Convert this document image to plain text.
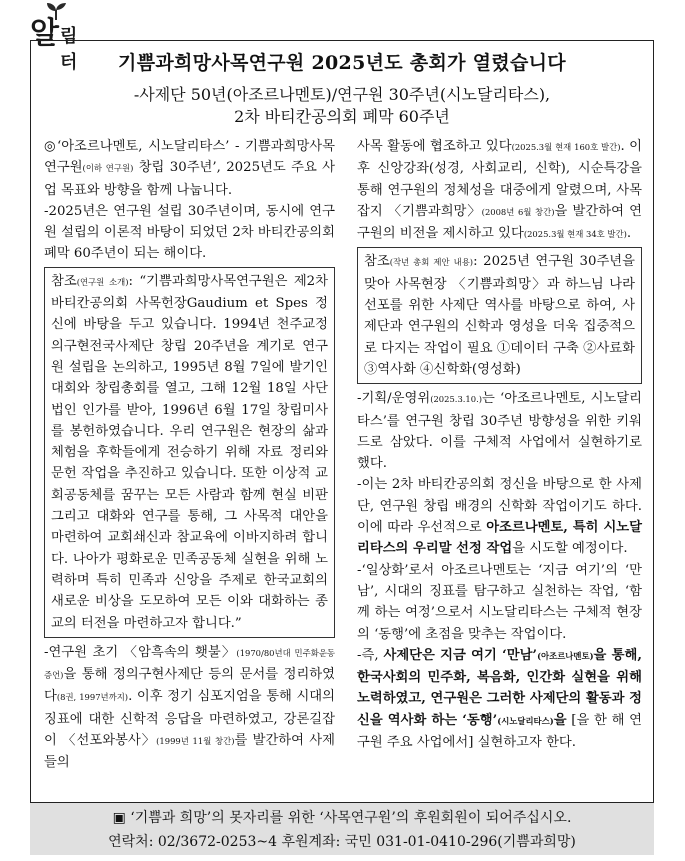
알 림터	기쁨과희망사목연구원 2025년도 총회가 열렸습니다
-사제단 50년(아조르나멘토)/연구원 30주년(시노달리타스),
2차 바티칸공의회 폐막 60주년

◎‘아조르나멘토, 시노달리타스’ - 기쁨과희망사목연구원(이하 연구원) 창립 30주년’, 2025년도 주요 사업 목표와 방향을 함께 나눕니다.

-2025년은 연구원 설립 30주년이며, 동시에 연구원 설립의 이론적 바탕이 되었던 2차 바티칸공의회 폐막 60주년이 되는 해이다.

참조(연구원 소개): “기쁨과희망사목연구원은 제2차 바티칸공의회 사목헌장Gaudium et Spes 정신에 바탕을 두고 있습니다. 1994년 천주교정의구현전국사제단 창립 20주년을 계기로 연구원 설립을 논의하고, 1995년 8월 7일에 발기인대회와 창립총회를 열고, 그해 12월 18일 사단법인 인가를 받아, 1996년 6월 17일 창립미사를 봉헌하였습니다. 우리 연구원은 현장의 삶과 체험을 후학들에게 전승하기 위해 자료 정리와 문헌 작업을 추진하고 있습니다. 또한 이상적 교회공동체를 꿈꾸는 모든 사람과 함께 현실 비판 그리고 대화와 연구를 통해, 그 사목적 대안을 마련하여 교회쇄신과 참교육에 이바지하려 합니다. 나아가 평화로운 민족공동체 실현을 위해 노력하며 특히 민족과 신앙을 주제로 한국교회의 새로운 비상을 도모하여 모든 이와 대화하는 종교의 터전을 마련하고자 합니다.”

-연구원 초기 〈암흑속의 횃불〉(1970/80년대 민주화운동 증언)을 통해 정의구현사제단 등의 문서를 정리하였다(8권, 1997년까지). 이후 정기 심포지엄을 통해 시대의 징표에 대한 신학적 응답을 마련하였고, 강론길잡이 〈선포와봉사〉(1999년 11월 창간)를 발간하여 사제들의

사목 활동에 협조하고 있다(2025.3월 현재 160호 발간). 이후 신앙강좌(성경, 사회교리, 신학), 시순특강을 통해 연구원의 정체성을 대중에게 알렸으며, 사목잡지 〈기쁨과희망〉(2008년 6월 창간)을 발간하여 연구원의 비전을 제시하고 있다(2025.3월 현재 34호 발간).

참조(작년 총회 제안 내용): 2025년 연구원 30주년을 맞아 사목현장 〈기쁨과희망〉과 하느님 나라 선포를 위한 사제단 역사를 바탕으로 하여, 사제단과 연구원의 신학과 영성을 더욱 집중적으로 다지는 작업이 필요 ①데이터 구축 ②사료화 ③역사화 ④신학화(영성화)

-기획/운영위(2025.3.10.)는 ‘아조르나멘토, 시노달리타스’를 연구원 창립 30주년 방향성을 위한 키워드로 삼았다. 이를 구체적 사업에서 실현하기로 했다.

-이는 2차 바티칸공의회 정신을 바탕으로 한 사제단, 연구원 창립 배경의 신학화 작업이기도 하다. 이에 따라 우선적으로 아조르나멘토, 특히 시노달리타스의 우리말 선정 작업을 시도할 예정이다.

-‘일상화’로서 아조르나멘토는 ‘지금 여기’의 ‘만남’, 시대의 징표를 탐구하고 실천하는 작업, ‘함께 하는 여정’으로서 시노달리타스는 구체적 현장의 ‘동행’에 초점을 맞추는 작업이다.

-즉, 사제단은 지금 여기 ‘만남’(아조르나멘토)을 통해, 한국사회의 민주화, 복음화, 인간화 실현을 위해 노력하였고, 연구원은 그러한 사제단의 활동과 정신을 역사화 하는 ‘동행’(시노달리타스)을 [을 한 해 연구원 주요 사업에서] 실현하고자 한다.

▣ ‘기쁨과 희망’의 못자리를 위한 ‘사목연구원’의 후원회원이 되어주십시오.
연락처: 02/3672-0253~4 후원계좌: 국민 031-01-0410-296(기쁨과희망)
